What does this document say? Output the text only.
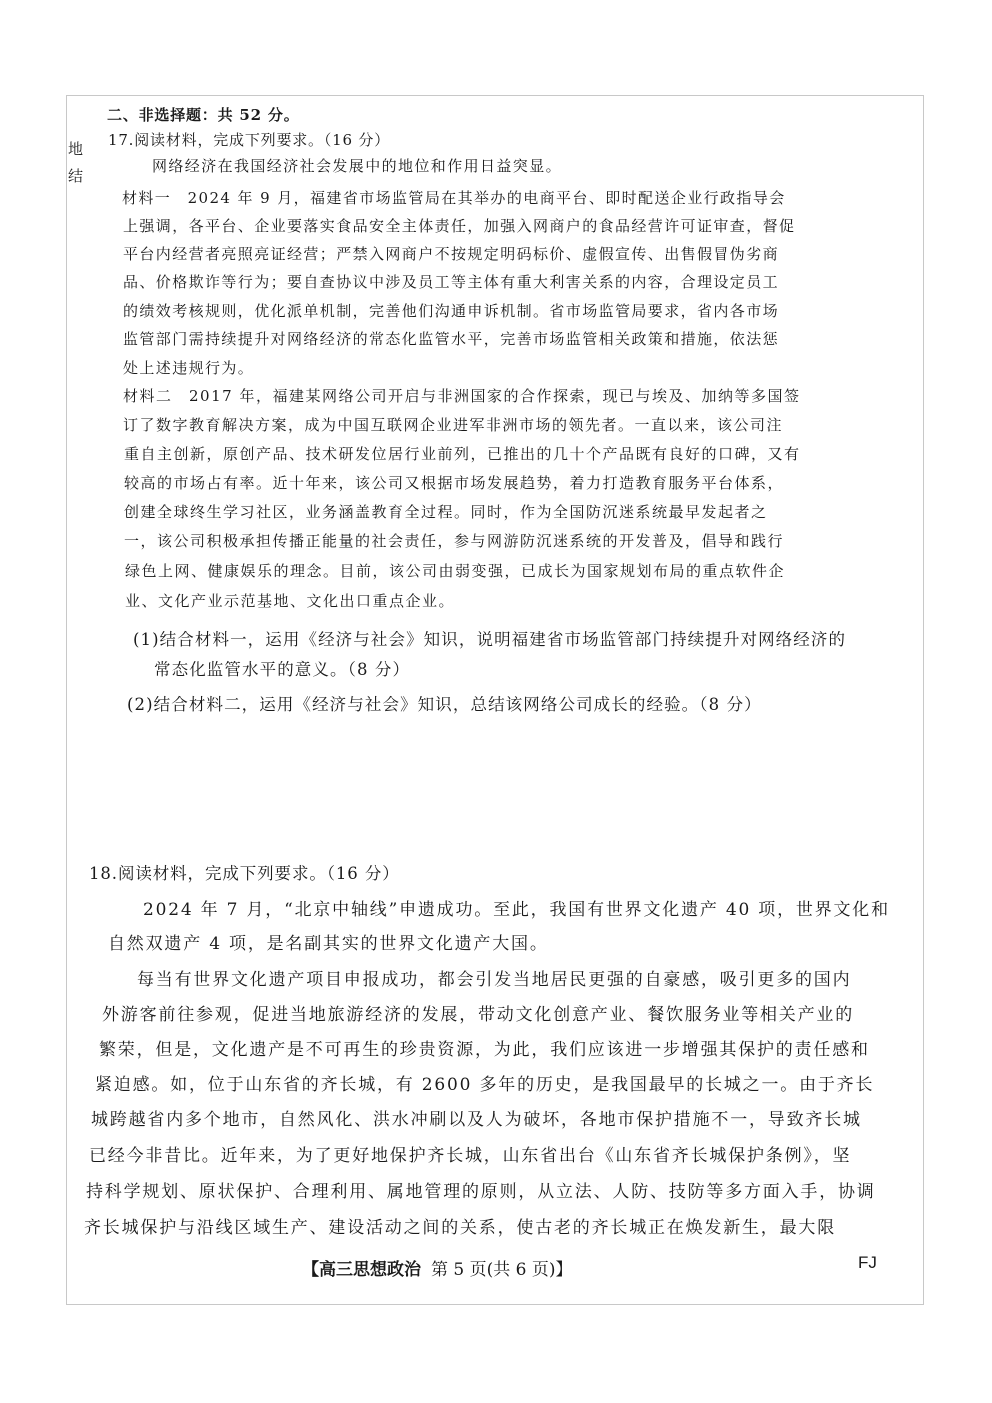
地
结
二、非选择题：共 52 分。
17.阅读材料，完成下列要求。（16 分）
网络经济在我国经济社会发展中的地位和作用日益突显。
材料一　2024 年 9 月，福建省市场监管局在其举办的电商平台、即时配送企业行政指导会
上强调，各平台、企业要落实食品安全主体责任，加强入网商户的食品经营许可证审查，督促
平台内经营者亮照亮证经营；严禁入网商户不按规定明码标价、虚假宣传、出售假冒伪劣商
品、价格欺诈等行为；要自查协议中涉及员工等主体有重大利害关系的内容，合理设定员工
的绩效考核规则，优化派单机制，完善他们沟通申诉机制。省市场监管局要求，省内各市场
监管部门需持续提升对网络经济的常态化监管水平，完善市场监管相关政策和措施，依法惩
处上述违规行为。
材料二　2017 年，福建某网络公司开启与非洲国家的合作探索，现已与埃及、加纳等多国签
订了数字教育解决方案，成为中国互联网企业进军非洲市场的领先者。一直以来，该公司注
重自主创新，原创产品、技术研发位居行业前列，已推出的几十个产品既有良好的口碑，又有
较高的市场占有率。近十年来，该公司又根据市场发展趋势，着力打造教育服务平台体系，
创建全球终生学习社区，业务涵盖教育全过程。同时，作为全国防沉迷系统最早发起者之
一，该公司积极承担传播正能量的社会责任，参与网游防沉迷系统的开发普及，倡导和践行
绿色上网、健康娱乐的理念。目前，该公司由弱变强，已成长为国家规划布局的重点软件企
业、文化产业示范基地、文化出口重点企业。
(1)结合材料一，运用《经济与社会》知识，说明福建省市场监管部门持续提升对网络经济的
常态化监管水平的意义。（8 分）
(2)结合材料二，运用《经济与社会》知识，总结该网络公司成长的经验。（8 分）
18.阅读材料，完成下列要求。（16 分）
2024 年 7 月，“北京中轴线”申遗成功。至此，我国有世界文化遗产 40 项，世界文化和
自然双遗产 4 项，是名副其实的世界文化遗产大国。
每当有世界文化遗产项目申报成功，都会引发当地居民更强的自豪感，吸引更多的国内
外游客前往参观，促进当地旅游经济的发展，带动文化创意产业、餐饮服务业等相关产业的
繁荣，但是，文化遗产是不可再生的珍贵资源，为此，我们应该进一步增强其保护的责任感和
紧迫感。如，位于山东省的齐长城，有 2600 多年的历史，是我国最早的长城之一。由于齐长
城跨越省内多个地市，自然风化、洪水冲刷以及人为破坏，各地市保护措施不一，导致齐长城
已经今非昔比。近年来，为了更好地保护齐长城，山东省出台《山东省齐长城保护条例》，坚
持科学规划、原状保护、合理利用、属地管理的原则，从立法、人防、技防等多方面入手，协调
齐长城保护与沿线区域生产、建设活动之间的关系，使古老的齐长城正在焕发新生，最大限
【高三思想政治 第 5 页(共 6 页)】	FJ
